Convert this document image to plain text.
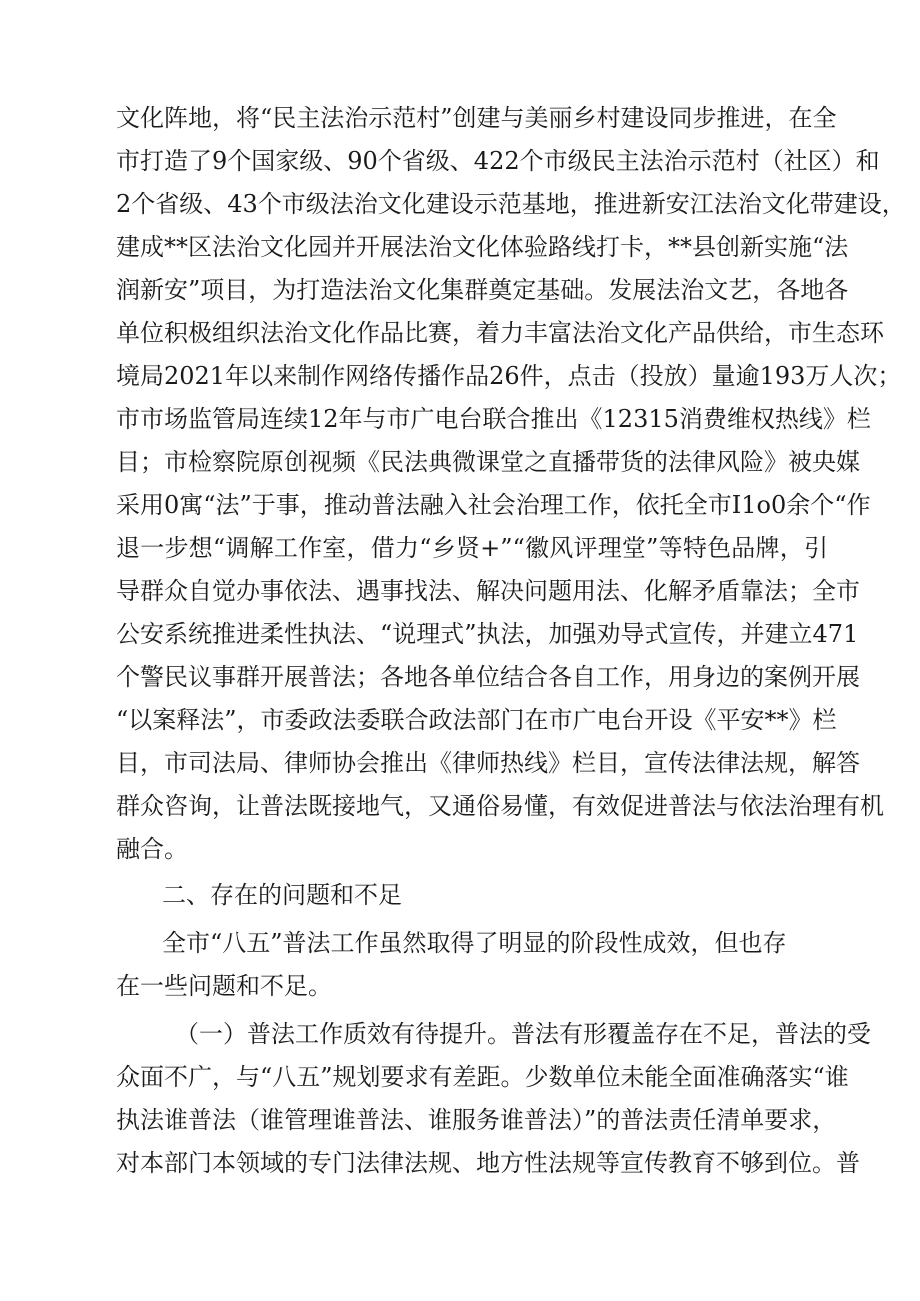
文化阵地，将“民主法治示范村”创建与美丽乡村建设同步推进，在全
市打造了9个国家级、90个省级、422个市级民主法治示范村（社区）和
2个省级、43个市级法治文化建设示范基地，推进新安江法治文化带建设，
建成**区法治文化园并开展法治文化体验路线打卡，**县创新实施“法
润新安”项目，为打造法治文化集群奠定基础。发展法治文艺，各地各
单位积极组织法治文化作品比赛，着力丰富法治文化产品供给，市生态环
境局2021年以来制作网络传播作品26件，点击（投放）量逾193万人次；
市市场监管局连续12年与市广电台联合推出《12315消费维权热线》栏
目；市检察院原创视频《民法典微课堂之直播带货的法律风险》被央媒
采用0寓“法”于事，推动普法融入社会治理工作，依托全市I1o0余个“作
退一步想“调解工作室，借力“乡贤+”“徽风评理堂”等特色品牌，引
导群众自觉办事依法、遇事找法、解决问题用法、化解矛盾靠法；全市
公安系统推进柔性执法、“说理式”执法，加强劝导式宣传，并建立471
个警民议事群开展普法；各地各单位结合各自工作，用身边的案例开展
“以案释法”，市委政法委联合政法部门在市广电台开设《平安**》栏
目，市司法局、律师协会推出《律师热线》栏目，宣传法律法规，解答
群众咨询，让普法既接地气，又通俗易懂，有效促进普法与依法治理有机
融合。
二、存在的问题和不足
全市“八五”普法工作虽然取得了明显的阶段性成效，但也存
在一些问题和不足。
（一）普法工作质效有待提升。普法有形覆盖存在不足，普法的受
众面不广，与“八五”规划要求有差距。少数单位未能全面准确落实“谁
执法谁普法（谁管理谁普法、谁服务谁普法）”的普法责任清单要求，
对本部门本领域的专门法律法规、地方性法规等宣传教育不够到位。普
